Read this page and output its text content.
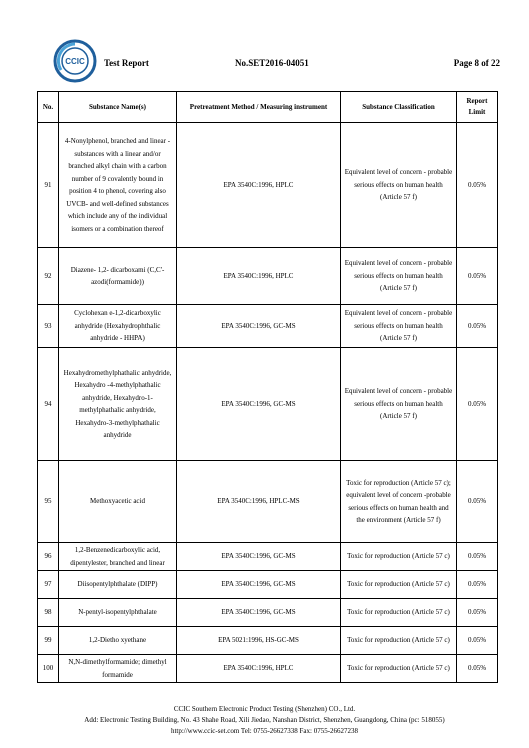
CCIC Test Report	No.SET2016-04051	Page 8 of 22
No.	Substance Name(s)	Pretreatment Method / Measuring instrument	Substance Classification	Report Limit
91	4-Nonylphenol, branched and linear - substances with a linear and/or branched alkyl chain with a carbon number of 9 covalently bound in position 4 to phenol, covering also UVCB- and well-defined substances which include any of the individual isomers or a combination thereof	EPA 3540C:1996, HPLC	Equivalent level of concern - probable serious effects on human health (Article 57 f)	0.05%
92	Diazene- 1,2- dicarboxami (C,C'-azodi(formamide))	EPA 3540C:1996, HPLC	Equivalent level of concern - probable serious effects on human health (Article 57 f)	0.05%
93	Cyclohexan e-1,2-dicarboxylic anhydride (Hexahydrophthalic anhydride - HHPA)	EPA 3540C:1996, GC-MS	Equivalent level of concern - probable serious effects on human health (Article 57 f)	0.05%
94	Hexahydromethylphathalic anhydride, Hexahydro -4-methylphathalic anhydride, Hexahydro-1-methylphathalic anhydride, Hexahydro-3-methylphathalic anhydride	EPA 3540C:1996, GC-MS	Equivalent level of concern - probable serious effects on human health (Article 57 f)	0.05%
95	Methoxyacetic acid	EPA 3540C:1996, HPLC-MS	Toxic for reproduction (Article 57 c); equivalent level of concern -probable serious effects on human health and the environment (Article 57 f)	0.05%
96	1,2-Benzenedicarboxylic acid, dipentylester, branched and linear	EPA 3540C:1996, GC-MS	Toxic for reproduction (Article 57 c)	0.05%
97	Diisopentylphthalate (DIPP)	EPA 3540C:1996, GC-MS	Toxic for reproduction (Article 57 c)	0.05%
98	N-pentyl-isopentylphthalate	EPA 3540C:1996, GC-MS	Toxic for reproduction (Article 57 c)	0.05%
99	1,2-Dietho xyethane	EPA 5021:1996, HS-GC-MS	Toxic for reproduction (Article 57 c)	0.05%
100	N,N-dimethylformamide; dimethyl formamide	EPA 3540C:1996, HPLC	Toxic for reproduction (Article 57 c)	0.05%
CCIC Southern Electronic Product Testing (Shenzhen) CO., Ltd.
Add: Electronic Testing Building, No. 43 Shahe Road, Xili Jiedao, Nanshan District, Shenzhen, Guangdong, China (pc: 518055)
http://www.ccic-set.com Tel: 0755-26627338 Fax: 0755-26627238
